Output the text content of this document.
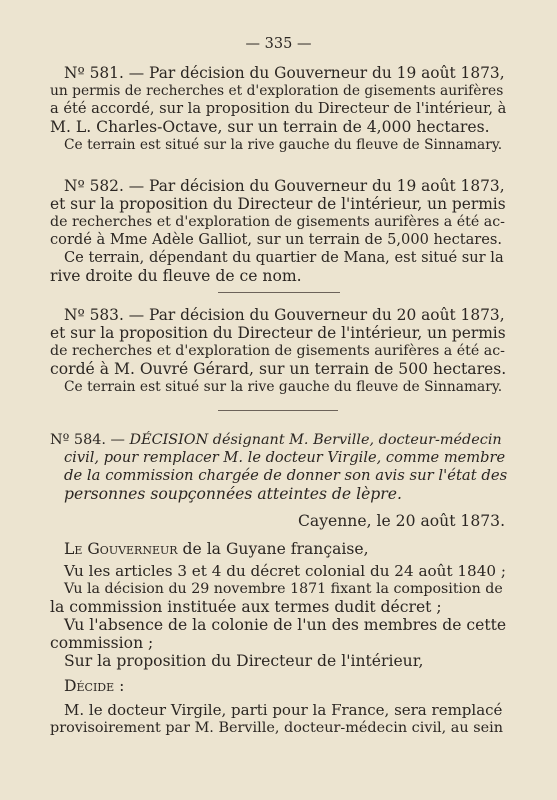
— 335 —
Nº 581. — Par décision du Gouverneur du 19 août 1873,
un permis de recherches et d'exploration de gisements aurifères
a été accordé, sur la proposition du Directeur de l'intérieur, à
M. L. Charles-Octave, sur un terrain de 4,000 hectares.
Ce terrain est situé sur la rive gauche du fleuve de Sinnamary.
Nº 582. — Par décision du Gouverneur du 19 août 1873,
et sur la proposition du Directeur de l'intérieur, un permis
de recherches et d'exploration de gisements aurifères a été ac-
cordé à Mme Adèle Galliot, sur un terrain de 5,000 hectares.
Ce terrain, dépendant du quartier de Mana, est situé sur la
rive droite du fleuve de ce nom.
Nº 583. — Par décision du Gouverneur du 20 août 1873,
et sur la proposition du Directeur de l'intérieur, un permis
de recherches et d'exploration de gisements aurifères a été ac-
cordé à M. Ouvré Gérard, sur un terrain de 500 hectares.
Ce terrain est situé sur la rive gauche du fleuve de Sinnamary.
Nº 584. — DÉCISION désignant M. Berville, docteur-médecin
civil, pour remplacer M. le docteur Virgile, comme membre
de la commission chargée de donner son avis sur l'état des
personnes soupçonnées atteintes de lèpre.
Cayenne, le 20 août 1873.
Le Gouverneur de la Guyane française,
Vu les articles 3 et 4 du décret colonial du 24 août 1840 ;
Vu la décision du 29 novembre 1871 fixant la composition de
la commission instituée aux termes dudit décret ;
Vu l'absence de la colonie de l'un des membres de cette
commission ;
Sur la proposition du Directeur de l'intérieur,
Décide :
M. le docteur Virgile, parti pour la France, sera remplacé
provisoirement par M. Berville, docteur-médecin civil, au sein
